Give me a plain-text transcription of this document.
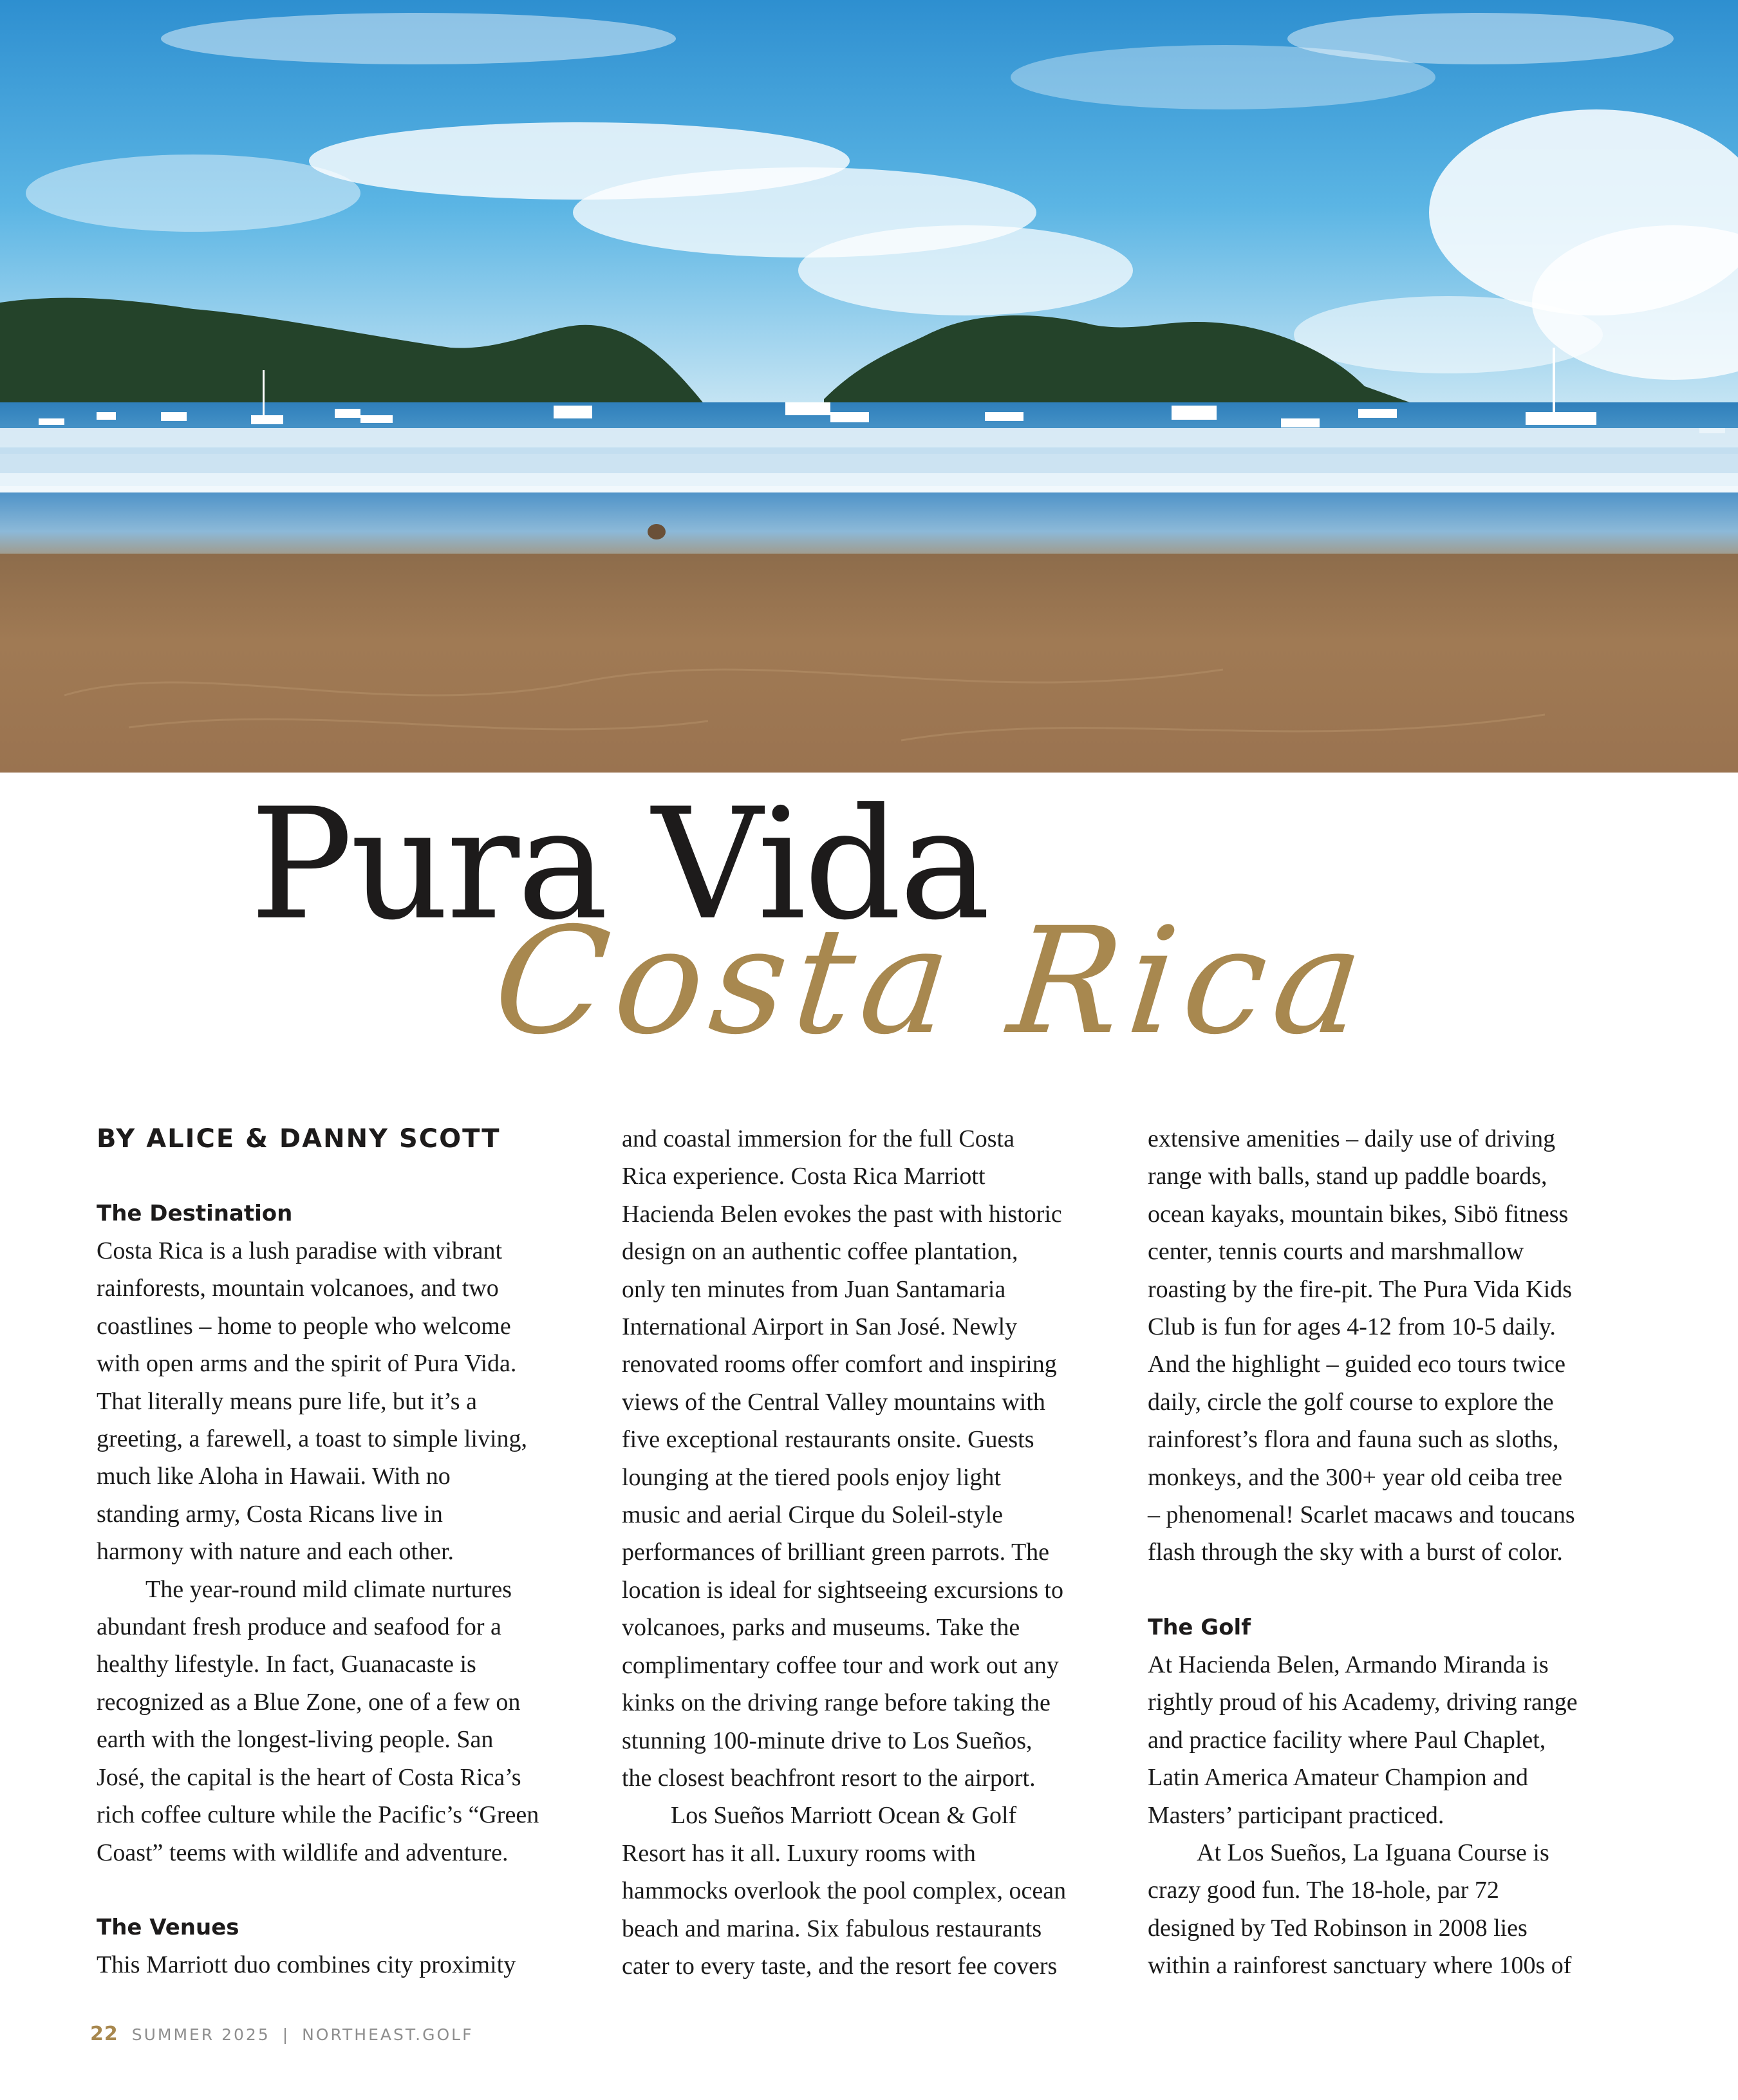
Pura Vida
Costa Rica
BY ALICE & DANNY SCOTT
The Destination

Costa Rica is a lush paradise with vibrant

rainforests, mountain volcanoes, and two

coastlines – home to people who welcome

with open arms and the spirit of Pura Vida.

That literally means pure life, but it’s a

greeting, a farewell, a toast to simple living,

much like Aloha in Hawaii. With no

standing army, Costa Ricans live in

harmony with nature and each other.

The year-round mild climate nurtures

abundant fresh produce and seafood for a

healthy lifestyle. In fact, Guanacaste is

recognized as a Blue Zone, one of a few on

earth with the longest-living people. San

José, the capital is the heart of Costa Rica’s

rich coffee culture while the Pacific’s “Green

Coast” teems with wildlife and adventure.

The Venues

This Marriott duo combines city proximity

and coastal immersion for the full Costa

Rica experience. Costa Rica Marriott

Hacienda Belen evokes the past with historic

design on an authentic coffee plantation,

only ten minutes from Juan Santamaria

International Airport in San José. Newly

renovated rooms offer comfort and inspiring

views of the Central Valley mountains with

five exceptional restaurants onsite. Guests

lounging at the tiered pools enjoy light

music and aerial Cirque du Soleil-style

performances of brilliant green parrots. The

location is ideal for sightseeing excursions to

volcanoes, parks and museums. Take the

complimentary coffee tour and work out any

kinks on the driving range before taking the

stunning 100-minute drive to Los Sueños,

the closest beachfront resort to the airport.

Los Sueños Marriott Ocean & Golf

Resort has it all. Luxury rooms with

hammocks overlook the pool complex, ocean

beach and marina. Six fabulous restaurants

cater to every taste, and the resort fee covers

extensive amenities – daily use of driving

range with balls, stand up paddle boards,

ocean kayaks, mountain bikes, Sibö fitness

center, tennis courts and marshmallow

roasting by the fire-pit. The Pura Vida Kids

Club is fun for ages 4-12 from 10-5 daily.

And the highlight – guided eco tours twice

daily, circle the golf course to explore the

rainforest’s flora and fauna such as sloths,

monkeys, and the 300+ year old ceiba tree

– phenomenal! Scarlet macaws and toucans

flash through the sky with a burst of color.

The Golf

At Hacienda Belen, Armando Miranda is

rightly proud of his Academy, driving range

and practice facility where Paul Chaplet,

Latin America Amateur Champion and

Masters’ participant practiced.

At Los Sueños, La Iguana Course is

crazy good fun. The 18-hole, par 72

designed by Ted Robinson in 2008 lies

within a rainforest sanctuary where 100s of

22 SUMMER 2025 | NORTHEAST.GOLF
